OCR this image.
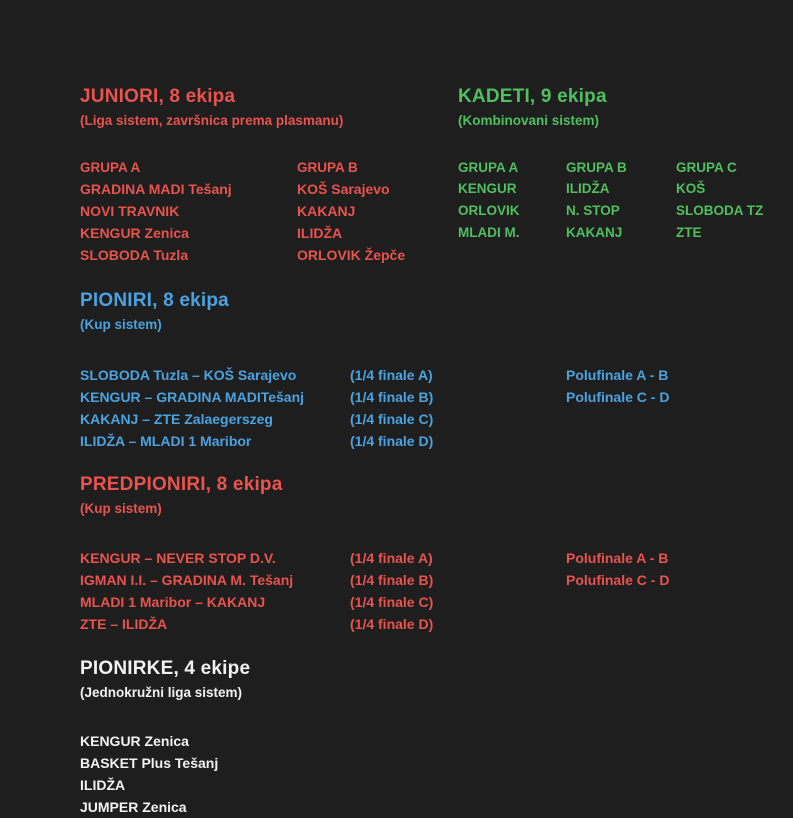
JUNIORI, 8 ekipa
(Liga sistem, završnica prema plasmanu)
GRUPA A
GRADINA MADI Tešanj
NOVI TRAVNIK
KENGUR Zenica
SLOBODA Tuzla
GRUPA B
KOŠ Sarajevo
KAKANJ
ILIDŽA
ORLOVIK Žepče
KADETI, 9 ekipa
(Kombinovani sistem)
GRUPA A
KENGUR
ORLOVIK
MLADI M.
GRUPA B
ILIDŽA
N. STOP
KAKANJ
GRUPA C
KOŠ
SLOBODA TZ
ZTE
PIONIRI, 8 ekipa
(Kup sistem)
SLOBODA Tuzla – KOŠ Sarajevo
KENGUR – GRADINA MADITešanj
KAKANJ – ZTE Zalaegerszeg
ILIDŽA – MLADI 1 Maribor
(1/4 finale A)
(1/4 finale B)
(1/4 finale C)
(1/4 finale D)
Polufinale A - B
Polufinale C - D
PREDPIONIRI, 8 ekipa
(Kup sistem)
KENGUR – NEVER STOP D.V.
IGMAN I.I. – GRADINA M. Tešanj
MLADI 1 Maribor – KAKANJ
ZTE – ILIDŽA
(1/4 finale A)
(1/4 finale B)
(1/4 finale C)
(1/4 finale D)
Polufinale A - B
Polufinale C - D
PIONIRKE, 4 ekipe
(Jednokružni liga sistem)
KENGUR Zenica
BASKET Plus Tešanj
ILIDŽA
JUMPER Zenica
